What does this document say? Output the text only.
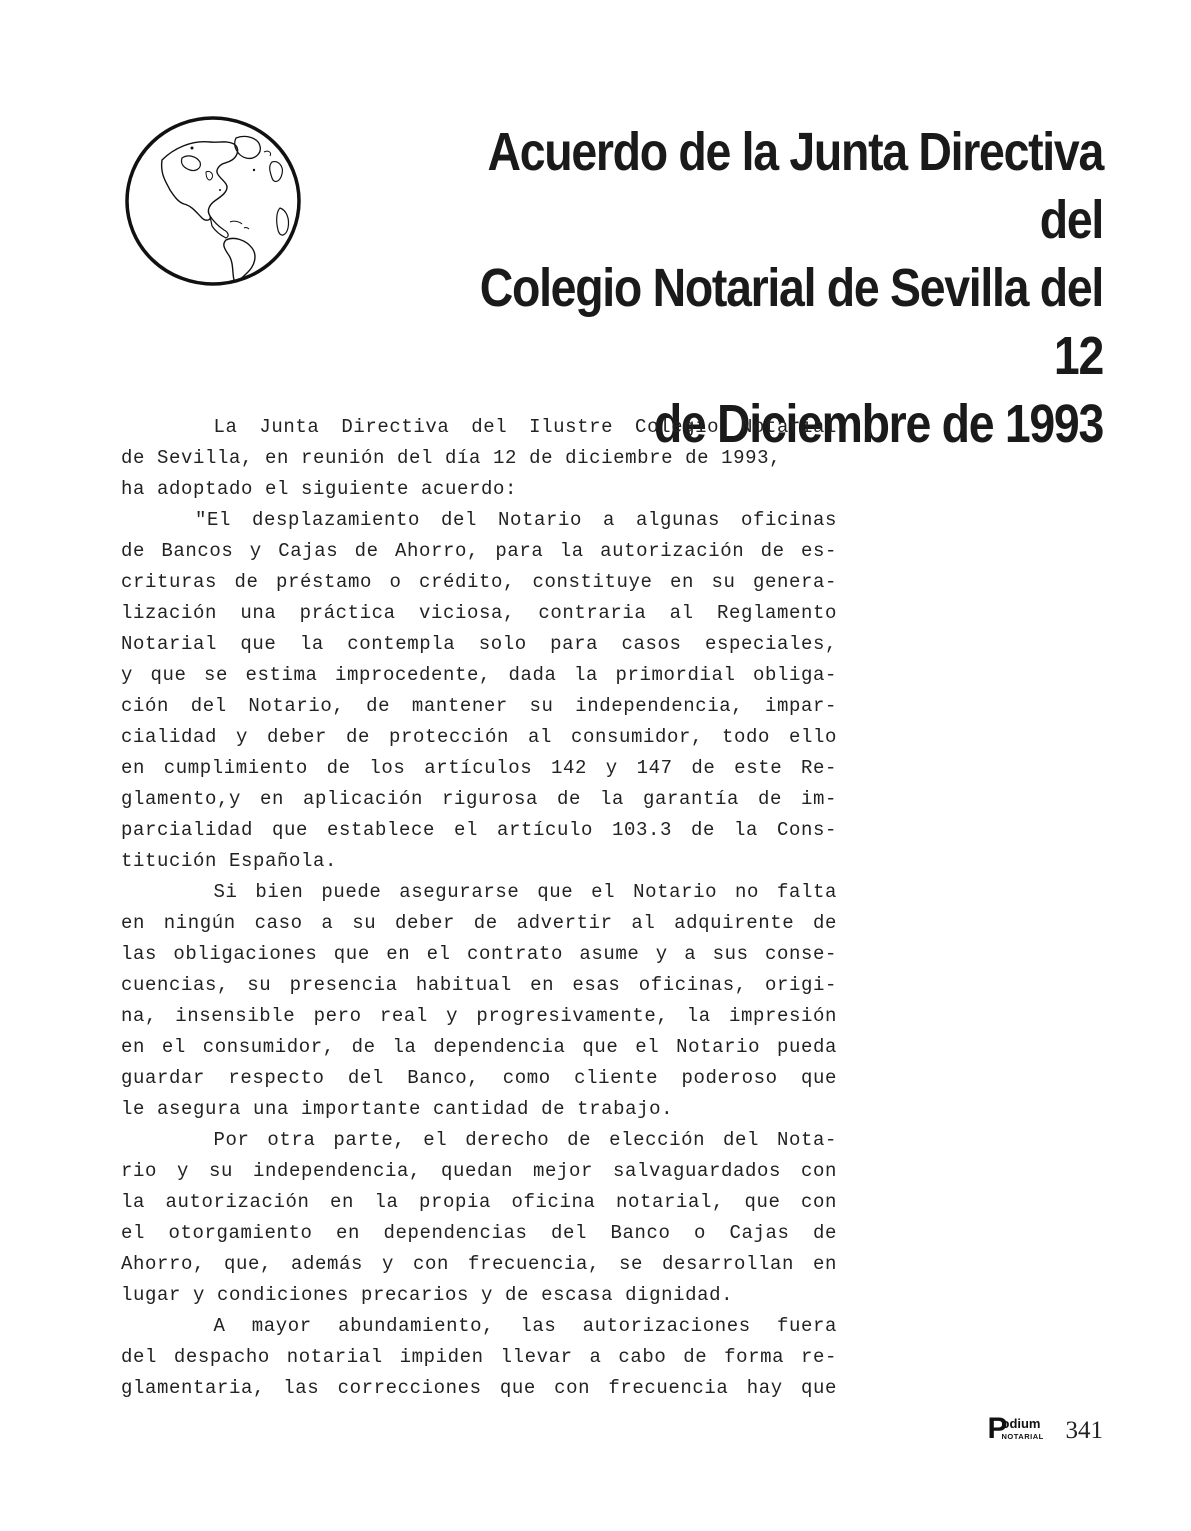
Acuerdo de la Junta Directiva del
Colegio Notarial de Sevilla del 12
de Diciembre de 1993
La Junta Directiva del Ilustre Colegio Notarial
de Sevilla, en reunión del día 12 de diciembre de 1993,
ha adoptado el siguiente acuerdo:
"El desplazamiento del Notario a algunas oficinas
de Bancos y Cajas de Ahorro, para la autorización de es-
crituras de préstamo o crédito, constituye en su genera-
lización una práctica viciosa, contraria al Reglamento
Notarial que la contempla solo para casos especiales,
y que se estima improcedente, dada la primordial obliga-
ción del Notario, de mantener su independencia, impar-
cialidad y deber de protección al consumidor, todo ello
en cumplimiento de los artículos 142 y 147 de este Re-
glamento,y en aplicación rigurosa de la garantía de im-
parcialidad que establece el artículo 103.3 de la Cons-
titución Española.
Si bien puede asegurarse que el Notario no falta
en ningún caso a su deber de advertir al adquirente de
las obligaciones que en el contrato asume y a sus conse-
cuencias, su presencia habitual en esas oficinas, origi-
na, insensible pero real y progresivamente, la impresión
en el consumidor, de la dependencia que el Notario pueda
guardar respecto del Banco, como cliente poderoso que
le asegura una importante cantidad de trabajo.
Por otra parte, el derecho de elección del Nota-
rio y su independencia, quedan mejor salvaguardados con
la autorización en la propia oficina notarial, que con
el otorgamiento en dependencias del Banco o Cajas de
Ahorro, que, además y con frecuencia, se desarrollan en
lugar y condiciones precarios y de escasa dignidad.
A mayor abundamiento, las autorizaciones fuera
del despacho notarial impiden llevar a cabo de forma re-
glamentaria, las correcciones que con frecuencia hay que
P
odium
NOTARIAL 341
